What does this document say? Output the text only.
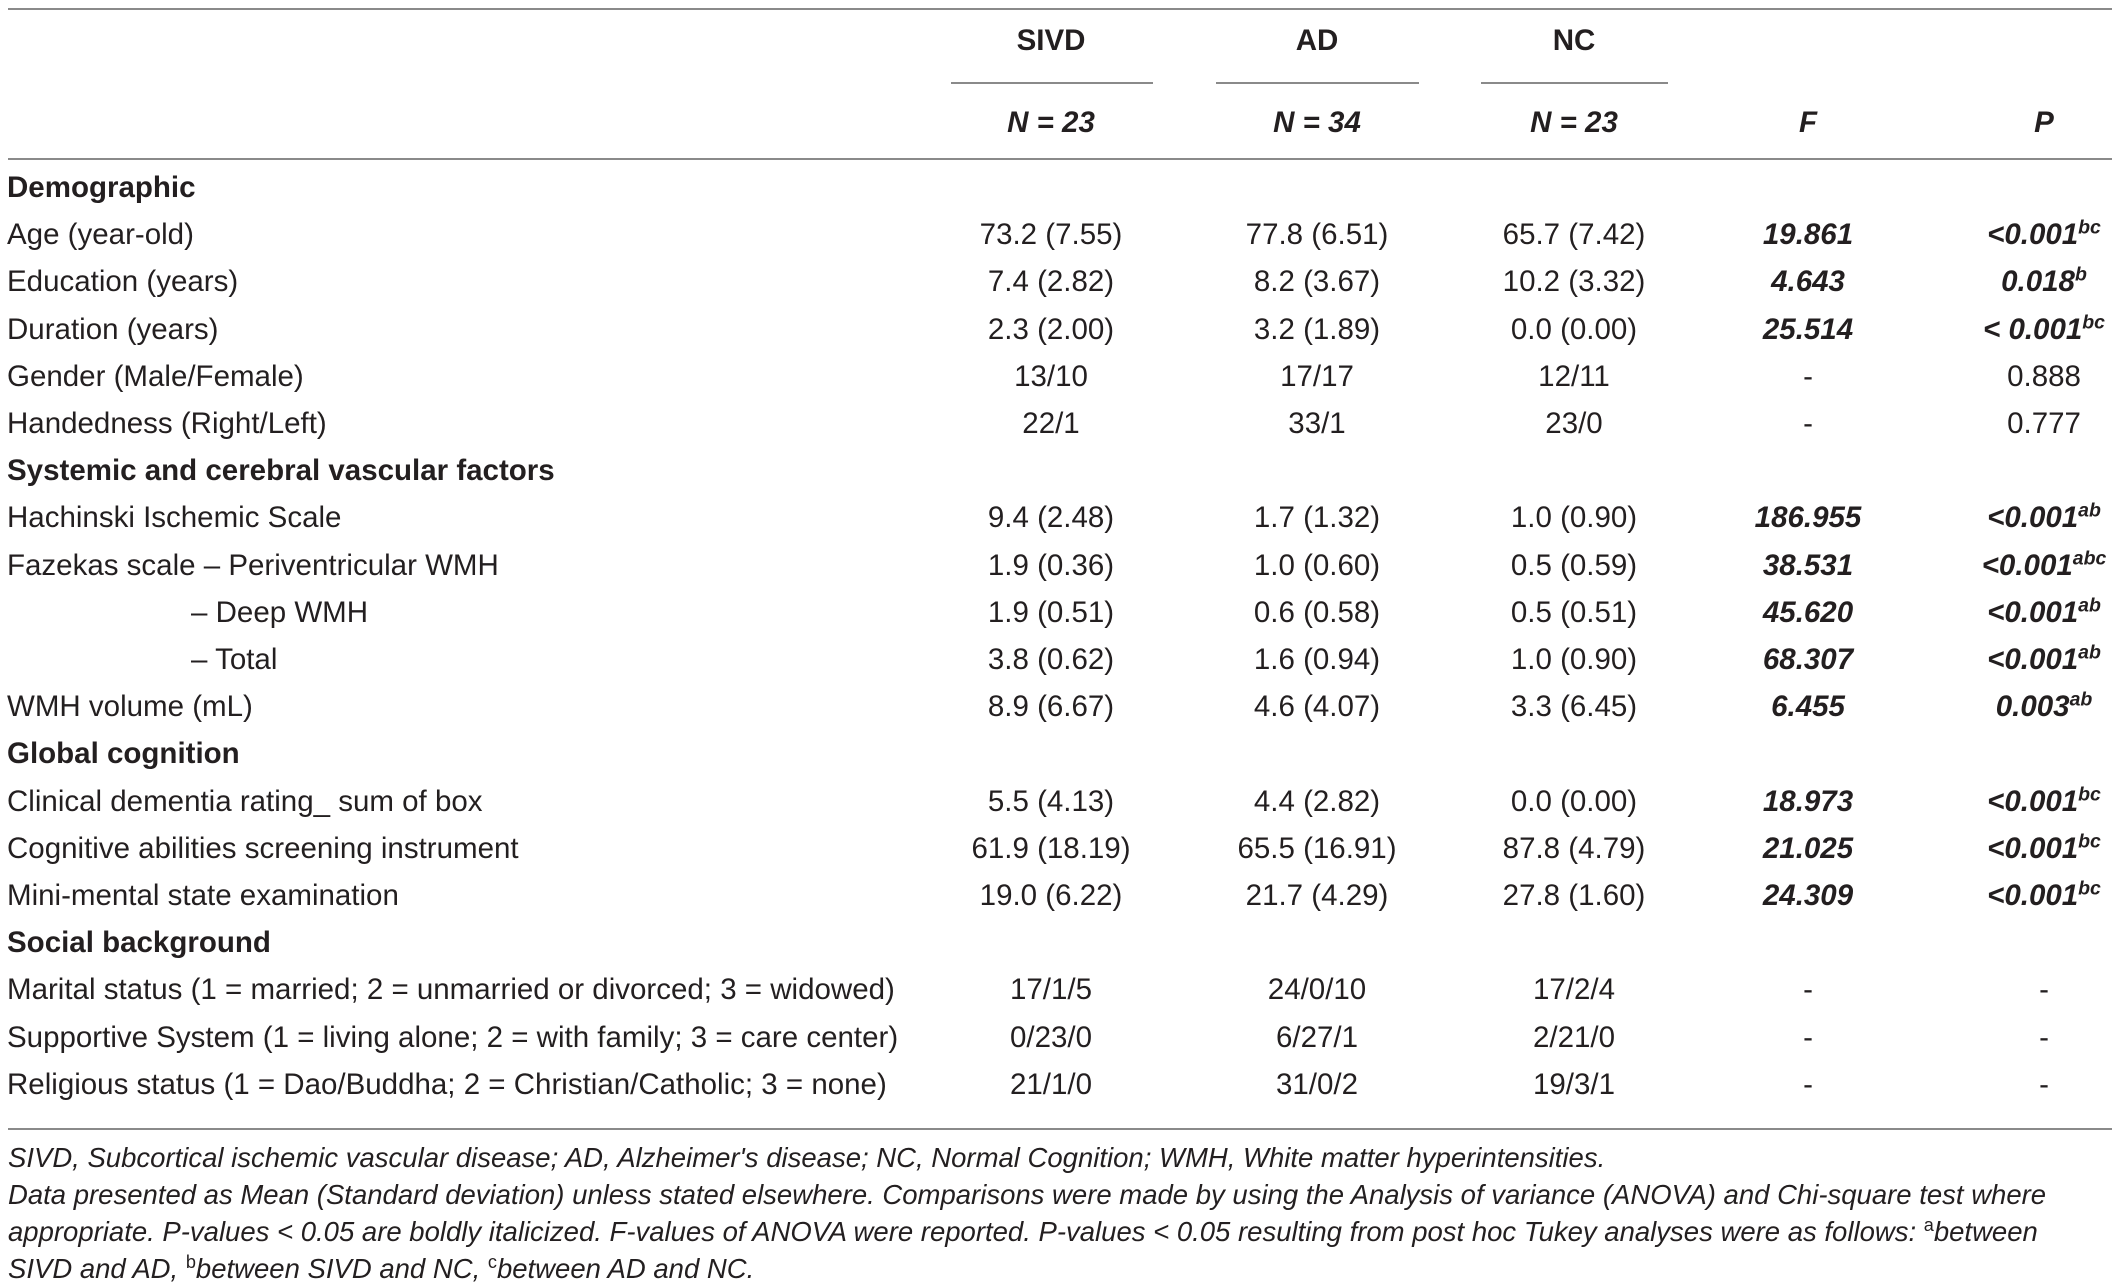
SIVD	AD	NC
N = 23	N = 34	N = 23	F	P
SIVD, Subcortical ischemic vascular disease; AD, Alzheimer's disease; NC, Normal Cognition; WMH, White matter hyperintensities.
Data presented as Mean (Standard deviation) unless stated elsewhere. Comparisons were made by using the Analysis of variance (ANOVA) and Chi-square test where
appropriate. P-values < 0.05 are boldly italicized. F-values of ANOVA were reported. P-values < 0.05 resulting from post hoc Tukey analyses were as follows: $^a$between
SIVD and AD, $^b$between SIVD and NC, $^c$between AD and NC.
Demographic
Age (year-old)	73.2 (7.55)	77.8 (6.51)	65.7 (7.42)	19.861	<0.001$^{bc}$
Education (years)	7.4 (2.82)	8.2 (3.67)	10.2 (3.32)	4.643	0.018$^b$
Duration (years)	2.3 (2.00)	3.2 (1.89)	0.0 (0.00)	25.514	< 0.001$^{bc}$
Gender (Male/Female)	13/10	17/17	12/11	-	0.888
Handedness (Right/Left)	22/1	33/1	23/0	-	0.777
Systemic and cerebral vascular factors
Hachinski Ischemic Scale	9.4 (2.48)	1.7 (1.32)	1.0 (0.90)	186.955	<0.001$^{ab}$
Fazekas scale – Periventricular WMH	1.9 (0.36)	1.0 (0.60)	0.5 (0.59)	38.531	<0.001$^{abc}$
– Deep WMH	1.9 (0.51)	0.6 (0.58)	0.5 (0.51)	45.620	<0.001$^{ab}$
– Total	3.8 (0.62)	1.6 (0.94)	1.0 (0.90)	68.307	<0.001$^{ab}$
WMH volume (mL)	8.9 (6.67)	4.6 (4.07)	3.3 (6.45)	6.455	0.003$^{ab}$
Global cognition
Clinical dementia rating_ sum of box	5.5 (4.13)	4.4 (2.82)	0.0 (0.00)	18.973	<0.001$^{bc}$
Cognitive abilities screening instrument	61.9 (18.19)	65.5 (16.91)	87.8 (4.79)	21.025	<0.001$^{bc}$
Mini-mental state examination	19.0 (6.22)	21.7 (4.29)	27.8 (1.60)	24.309	<0.001$^{bc}$
Social background
Marital status (1 = married; 2 = unmarried or divorced; 3 = widowed)	17/1/5	24/0/10	17/2/4	-	-
Supportive System (1 = living alone; 2 = with family; 3 = care center)	0/23/0	6/27/1	2/21/0	-	-
Religious status (1 = Dao/Buddha; 2 = Christian/Catholic; 3 = none)	21/1/0	31/0/2	19/3/1	-	-
